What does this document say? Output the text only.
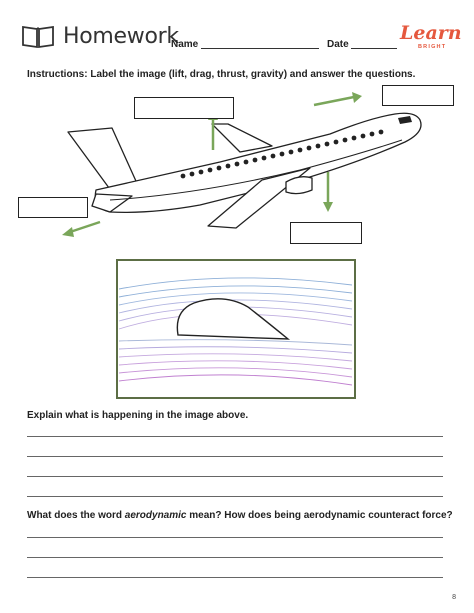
Homework
Name	Date
Learn
BRIGHT
Instructions: Label the image (lift, drag, thrust, gravity) and answer the questions.
Explain what is happening in the image above.
What does the word aerodynamic mean? How does being aerodynamic counteract force?
8
